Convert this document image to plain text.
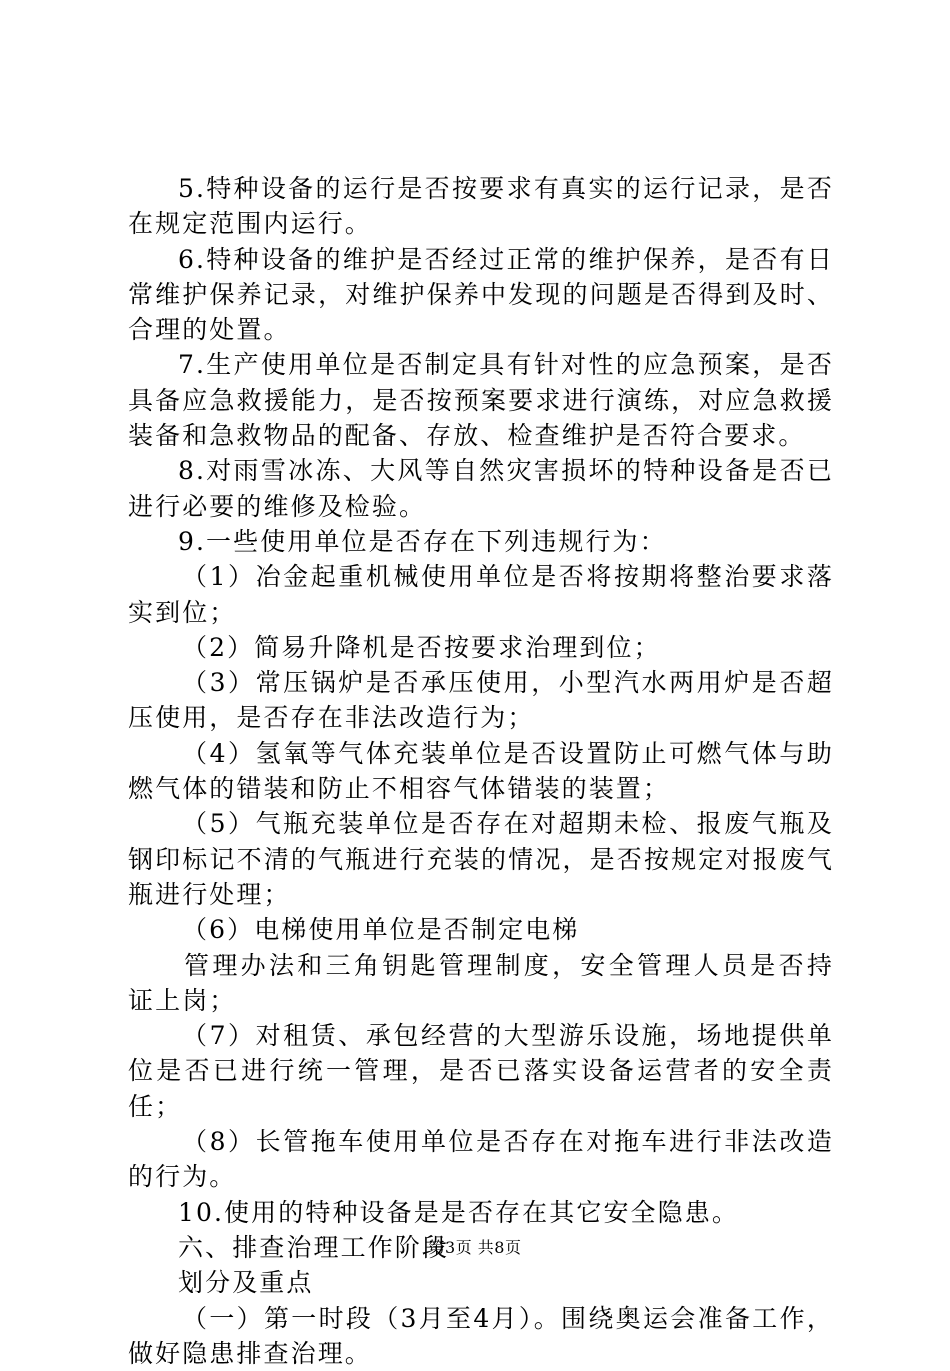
5.特种设备的运行是否按要求有真实的运行记录，是否在规定范围内运行。

6.特种设备的维护是否经过正常的维护保养，是否有日常维护保养记录，对维护保养中发现的问题是否得到及时、合理的处置。

7.生产使用单位是否制定具有针对性的应急预案，是否具备应急救援能力，是否按预案要求进行演练，对应急救援装备和急救物品的配备、存放、检查维护是否符合要求。

8.对雨雪冰冻、大风等自然灾害损坏的特种设备是否已进行必要的维修及检验。

9.一些使用单位是否存在下列违规行为：

（1）冶金起重机械使用单位是否将按期将整治要求落实到位；

（2）简易升降机是否按要求治理到位；

（3）常压锅炉是否承压使用，小型汽水两用炉是否超压使用，是否存在非法改造行为；

（4）氢氧等气体充装单位是否设置防止可燃气体与助燃气体的错装和防止不相容气体错装的装置；

（5）气瓶充装单位是否存在对超期未检、报废气瓶及钢印标记不清的气瓶进行充装的情况，是否按规定对报废气瓶进行处理；

（6）电梯使用单位是否制定电梯

管理办法和三角钥匙管理制度，安全管理人员是否持证上岗；

（7）对租赁、承包经营的大型游乐设施，场地提供单位是否已进行统一管理，是否已落实设备运营者的安全责任；

（8）长管拖车使用单位是否存在对拖车进行非法改造的行为。

10.使用的特种设备是是否存在其它安全隐患。

六、排查治理工作阶段

划分及重点

（一）第一时段（3月至4月）。围绕奥运会准备工作，做好隐患排查治理。

第3页 共8页
